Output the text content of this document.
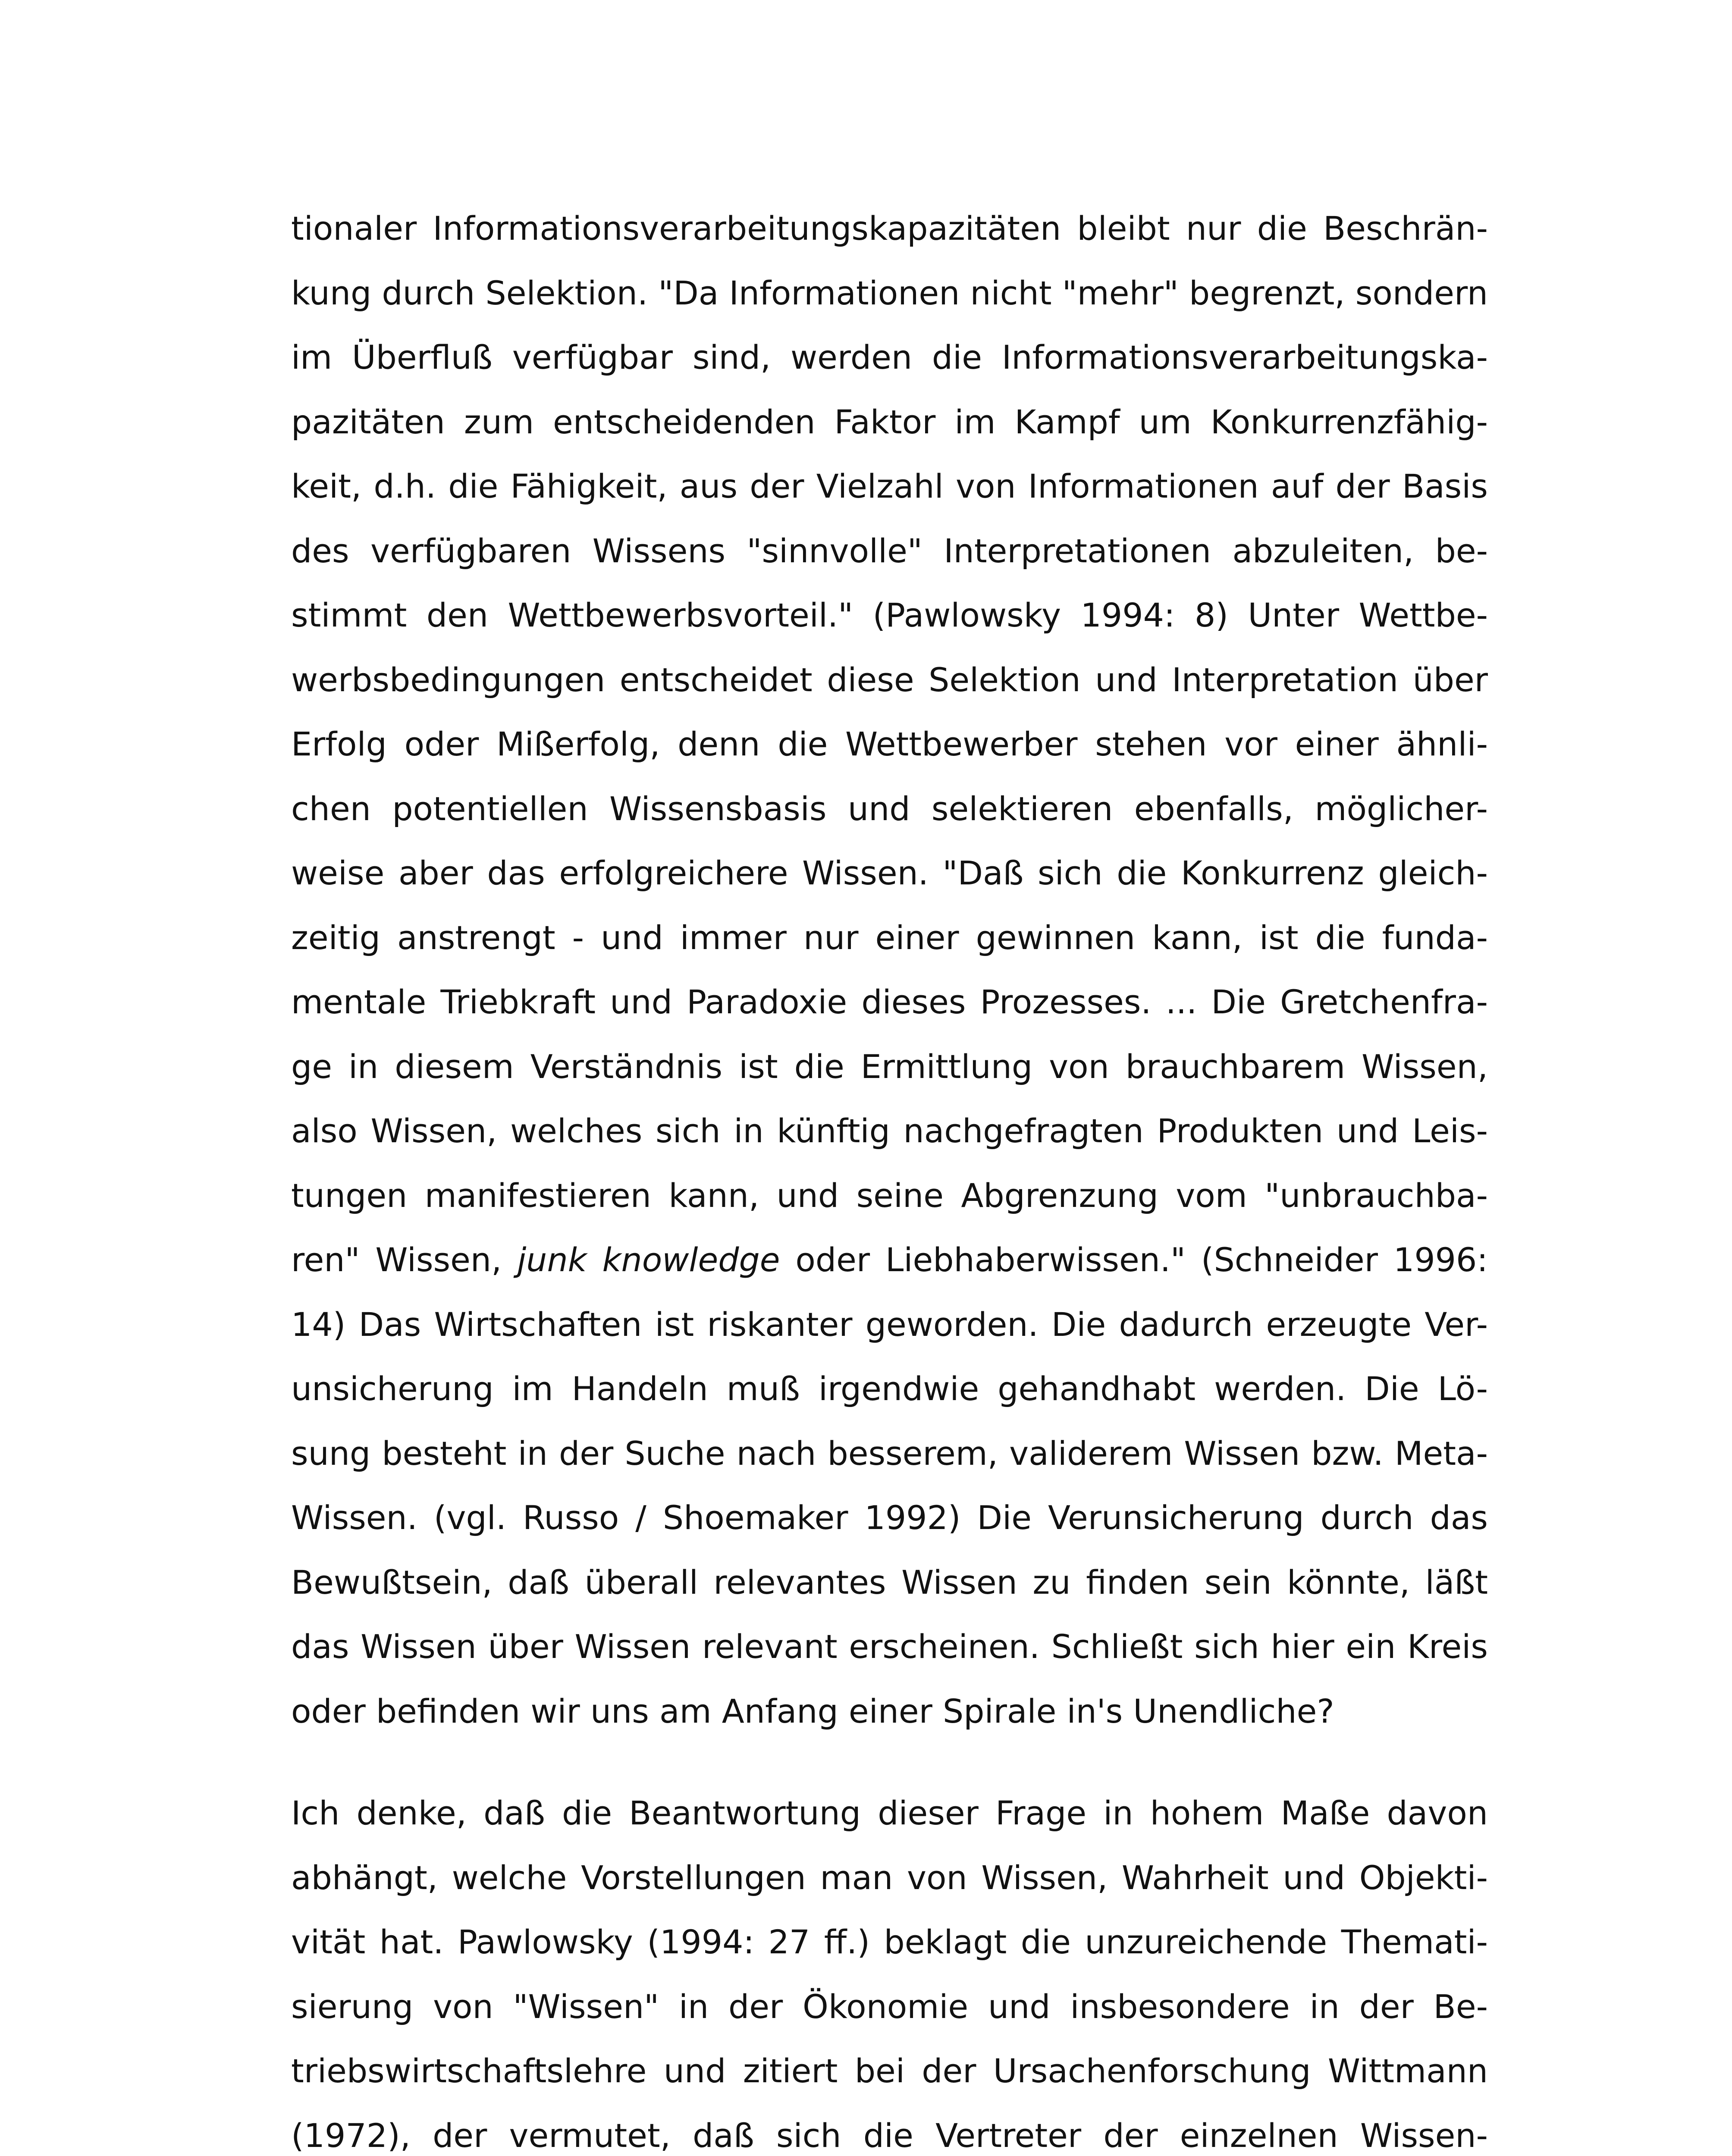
tionaler Informationsverarbeitungskapazitäten bleibt nur die Beschrän-
kung durch Selektion. "Da Informationen nicht "mehr" begrenzt, sondern
im Überfluß verfügbar sind, werden die Informationsverarbeitungska-
pazitäten zum entscheidenden Faktor im Kampf um Konkurrenzfähig-
keit, d.h. die Fähigkeit, aus der Vielzahl von Informationen auf der Basis
des verfügbaren Wissens "sinnvolle" Interpretationen abzuleiten, be-
stimmt den Wettbewerbsvorteil." (Pawlowsky 1994: 8) Unter Wettbe-
werbsbedingungen entscheidet diese Selektion und Interpretation über
Erfolg oder Mißerfolg, denn die Wettbewerber stehen vor einer ähnli-
chen potentiellen Wissensbasis und selektieren ebenfalls, möglicher-
weise aber das erfolgreichere Wissen. "Daß sich die Konkurrenz gleich-
zeitig anstrengt - und immer nur einer gewinnen kann, ist die funda-
mentale Triebkraft und Paradoxie dieses Prozesses. ... Die Gretchenfra-
ge in diesem Verständnis ist die Ermittlung von brauchbarem Wissen,
also Wissen, welches sich in künftig nachgefragten Produkten und Leis-
tungen manifestieren kann, und seine Abgrenzung vom "unbrauchba-
ren" Wissen, junk knowledge oder Liebhaberwissen." (Schneider 1996:
14) Das Wirtschaften ist riskanter geworden. Die dadurch erzeugte Ver-
unsicherung im Handeln muß irgendwie gehandhabt werden. Die Lö-
sung besteht in der Suche nach besserem, validerem Wissen bzw. Meta-
Wissen. (vgl. Russo / Shoemaker 1992) Die Verunsicherung durch das
Bewußtsein, daß überall relevantes Wissen zu finden sein könnte, läßt
das Wissen über Wissen relevant erscheinen. Schließt sich hier ein Kreis
oder befinden wir uns am Anfang einer Spirale in's Unendliche?
Ich denke, daß die Beantwortung dieser Frage in hohem Maße davon
abhängt, welche Vorstellungen man von Wissen, Wahrheit und Objekti-
vität hat. Pawlowsky (1994: 27 ff.) beklagt die unzureichende Themati-
sierung von "Wissen" in der Ökonomie und insbesondere in der Be-
triebswirtschaftslehre und zitiert bei der Ursachenforschung Wittmann
(1972), der vermutet, daß sich die Vertreter der einzelnen Wissen-
